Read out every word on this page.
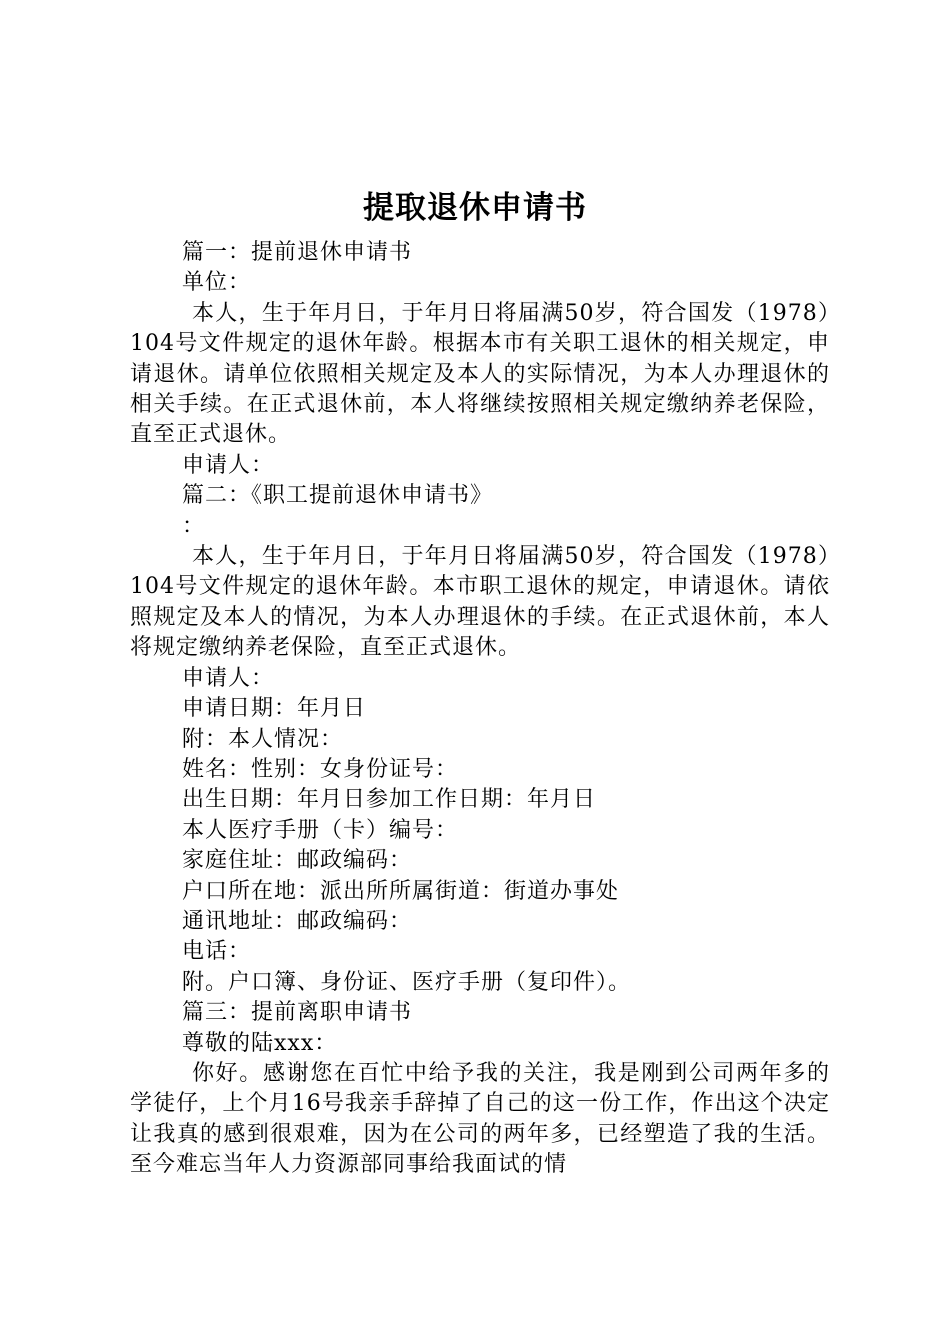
提取退休申请书
篇一：提前退休申请书
单位：

本人，生于年月日，于年月日将届满50岁，符合国发（1978）104号文件规定的退休年龄。根据本市有关职工退休的相关规定，申请退休。请单位依照相关规定及本人的实际情况，为本人办理退休的相关手续。在正式退休前，本人将继续按照相关规定缴纳养老保险，直至正式退休。

申请人：
篇二：《职工提前退休申请书》
：

本人，生于年月日，于年月日将届满50岁，符合国发（1978）104号文件规定的退休年龄。本市职工退休的规定，申请退休。请依照规定及本人的情况，为本人办理退休的手续。在正式退休前，本人将规定缴纳养老保险，直至正式退休。

申请人：
申请日期：年月日
附：本人情况：
姓名：性别：女身份证号：
出生日期：年月日参加工作日期：年月日
本人医疗手册（卡）编号：
家庭住址：邮政编码：
户口所在地：派出所所属街道：街道办事处
通讯地址：邮政编码：
电话：
附。户口簿、身份证、医疗手册（复印件）。
篇三：提前离职申请书
尊敬的陆xxx：

你好。感谢您在百忙中给予我的关注，我是刚到公司两年多的学徒仔，上个月16号我亲手辞掉了自己的这一份工作，作出这个决定让我真的感到很艰难，因为在公司的两年多，已经塑造了我的生活。至今难忘当年人力资源部同事给我面试的情
